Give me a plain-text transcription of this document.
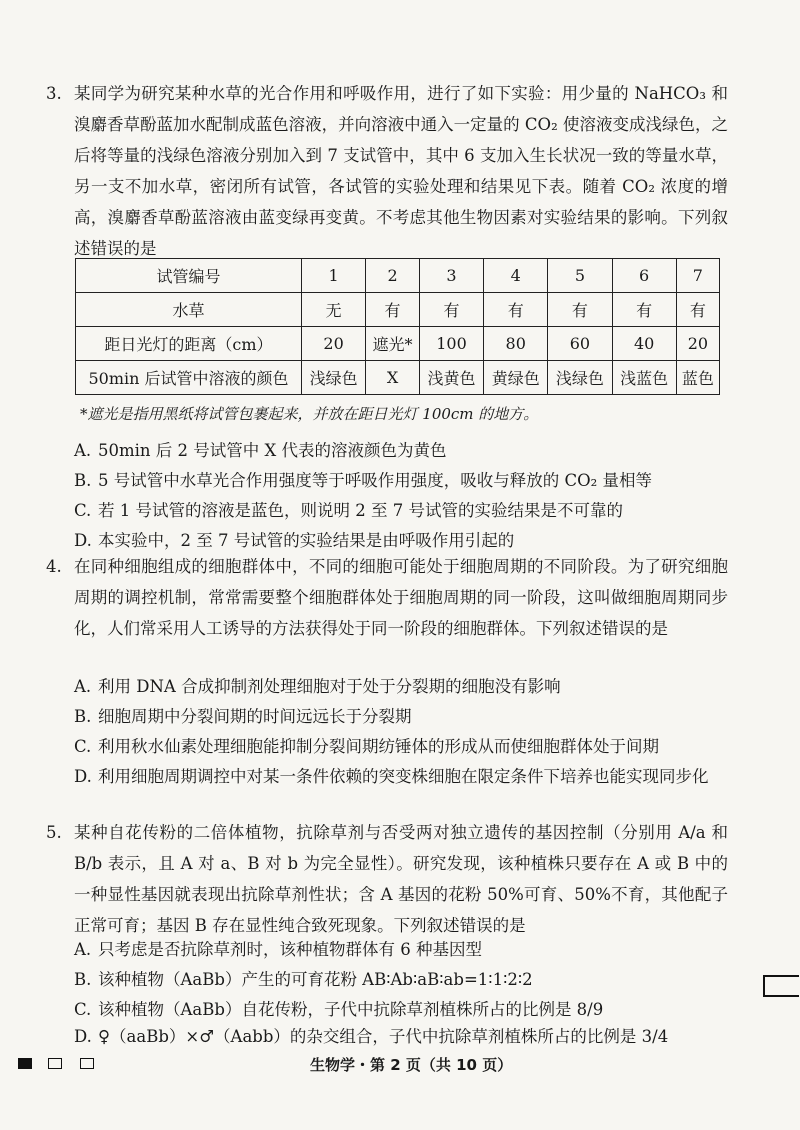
3. 某同学为研究某种水草的光合作用和呼吸作用，进行了如下实验：用少量的 NaHCO₃ 和溴麝香草酚蓝加水配制成蓝色溶液，并向溶液中通入一定量的 CO₂ 使溶液变成浅绿色，之后将等量的浅绿色溶液分别加入到 7 支试管中，其中 6 支加入生长状况一致的等量水草，另一支不加水草，密闭所有试管，各试管的实验处理和结果见下表。随着 CO₂ 浓度的增高，溴麝香草酚蓝溶液由蓝变绿再变黄。不考虑其他生物因素对实验结果的影响。下列叙述错误的是
试管编号	1	2	3	4	5	6	7
水草	无	有	有	有	有	有	有
距日光灯的距离（cm）	20	遮光*	100	80	60	40	20
50min 后试管中溶液的颜色	浅绿色	X	浅黄色	黄绿色	浅绿色	浅蓝色	蓝色
*遮光是指用黑纸将试管包裹起来，并放在距日光灯 100cm 的地方。
A. 50min 后 2 号试管中 X 代表的溶液颜色为黄色
B. 5 号试管中水草光合作用强度等于呼吸作用强度，吸收与释放的 CO₂ 量相等
C. 若 1 号试管的溶液是蓝色，则说明 2 至 7 号试管的实验结果是不可靠的
D. 本实验中，2 至 7 号试管的实验结果是由呼吸作用引起的
4. 在同种细胞组成的细胞群体中，不同的细胞可能处于细胞周期的不同阶段。为了研究细胞周期的调控机制，常常需要整个细胞群体处于细胞周期的同一阶段，这叫做细胞周期同步化，人们常采用人工诱导的方法获得处于同一阶段的细胞群体。下列叙述错误的是
A. 利用 DNA 合成抑制剂处理细胞对于处于分裂期的细胞没有影响
B. 细胞周期中分裂间期的时间远远长于分裂期
C. 利用秋水仙素处理细胞能抑制分裂间期纺锤体的形成从而使细胞群体处于间期
D. 利用细胞周期调控中对某一条件依赖的突变株细胞在限定条件下培养也能实现同步化
5. 某种自花传粉的二倍体植物，抗除草剂与否受两对独立遗传的基因控制（分别用 A/a 和 B/b 表示，且 A 对 a、B 对 b 为完全显性）。研究发现，该种植株只要存在 A 或 B 中的一种显性基因就表现出抗除草剂性状；含 A 基因的花粉 50%可育、50%不育，其他配子正常可育；基因 B 存在显性纯合致死现象。下列叙述错误的是
A. 只考虑是否抗除草剂时，该种植物群体有 6 种基因型
B. 该种植物（AaBb）产生的可育花粉 AB∶Ab∶aB∶ab=1∶1∶2∶2
C. 该种植物（AaBb）自花传粉，子代中抗除草剂植株所占的比例是 8/9
D. ♀（aaBb）×♂（Aabb）的杂交组合，子代中抗除草剂植株所占的比例是 3/4
生物学・第 2 页（共 10 页）
